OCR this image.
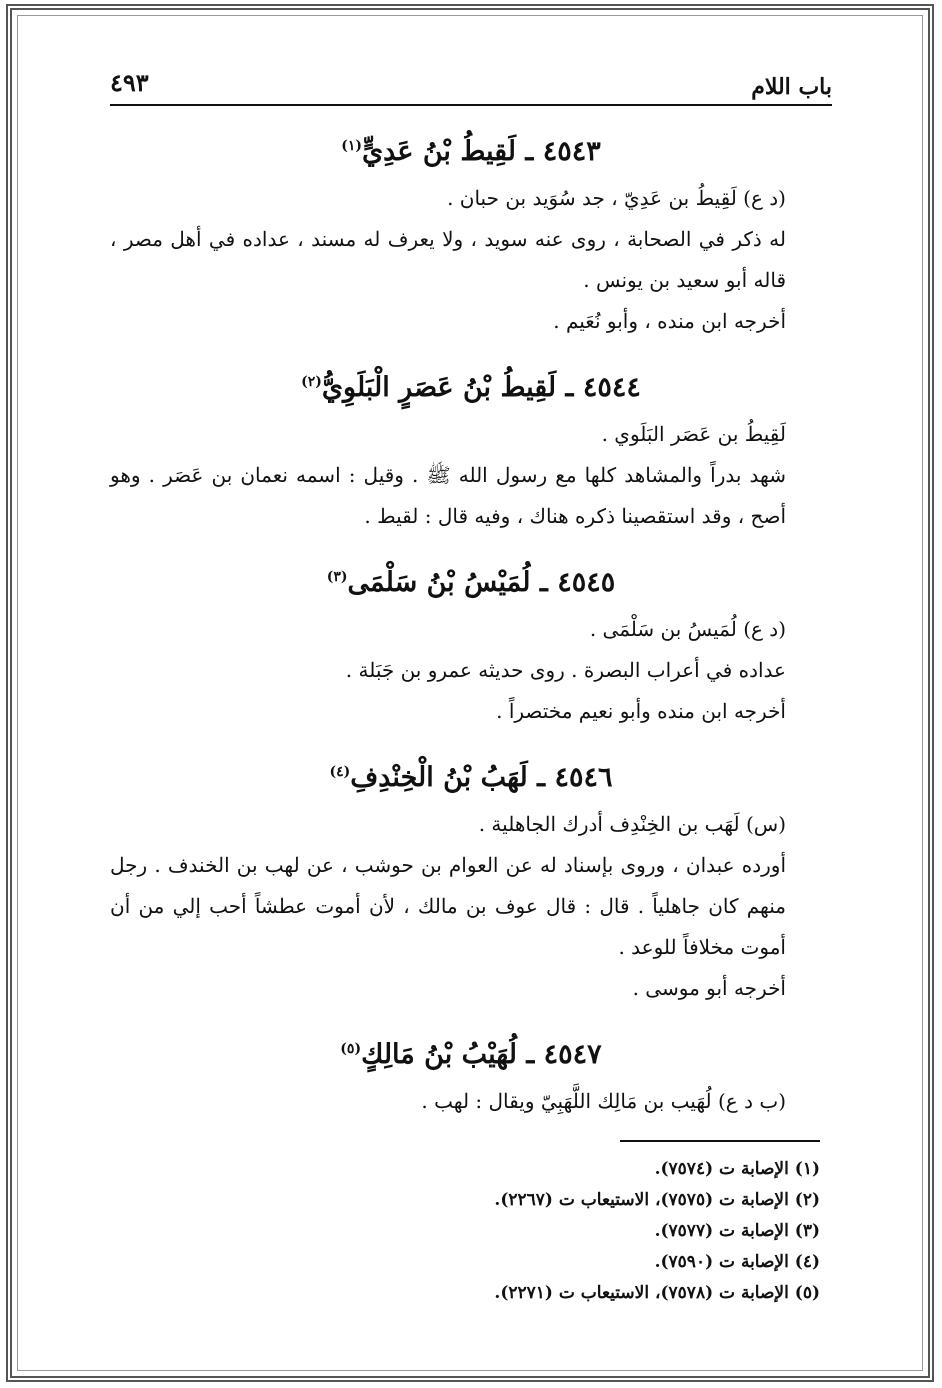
باب اللام
٤٩٣
٤٥٤٣ ـ لَقِيطُ بْنُ عَدِيٍّ$^{(١)}$

(د ع) لَقِيطُ بن عَدِيّ ، جد سُوَيد بن حبان .

له ذكر في الصحابة ، روى عنه سويد ، ولا يعرف له مسند ، عداده في أهل مصر ، قاله أبو سعيد بن يونس .

أخرجه ابن منده ، وأبو نُعَيم .

٤٥٤٤ ـ لَقِيطُ بْنُ عَصَرٍ الْبَلَوِيُّ$^{(٢)}$

لَقِيطُ بن عَصَر البَلَوي .

شهد بدراً والمشاهد كلها مع رسول الله ﷺ . وقيل : اسمه نعمان بن عَصَر . وهو أصح ، وقد استقصينا ذكره هناك ، وفيه قال : لقيط .

٤٥٤٥ ـ لُمَيْسُ بْنُ سَلْمَى$^{(٣)}$

(د ع) لُمَيسُ بن سَلْمَى .

عداده في أعراب البصرة . روى حديثه عمرو بن جَبَلة .

أخرجه ابن منده وأبو نعيم مختصراً .

٤٥٤٦ ـ لَهَبُ بْنُ الْخِنْدِفِ$^{(٤)}$

(س) لَهَب بن الخِنْدِف أدرك الجاهلية .

أورده عبدان ، وروى بإسناد له عن العوام بن حوشب ، عن لهب بن الخندف . رجل منهم كان جاهلياً . قال : قال عوف بن مالك ، لأن أموت عطشاً أحب إلي من أن أموت مخلافاً للوعد .

أخرجه أبو موسى .

٤٥٤٧ ـ لُهَيْبُ بْنُ مَالِكٍ$^{(٥)}$

(ب د ع) لُهَيب بن مَالِك اللَّهَبِيّ ويقال : لهب .

(١) الإصابة ت (٧٥٧٤).

(٢) الإصابة ت (٧٥٧٥)، الاستيعاب ت (٢٢٦٧).

(٣) الإصابة ت (٧٥٧٧).

(٤) الإصابة ت (٧٥٩٠).

(٥) الإصابة ت (٧٥٧٨)، الاستيعاب ت (٢٢٧١).
